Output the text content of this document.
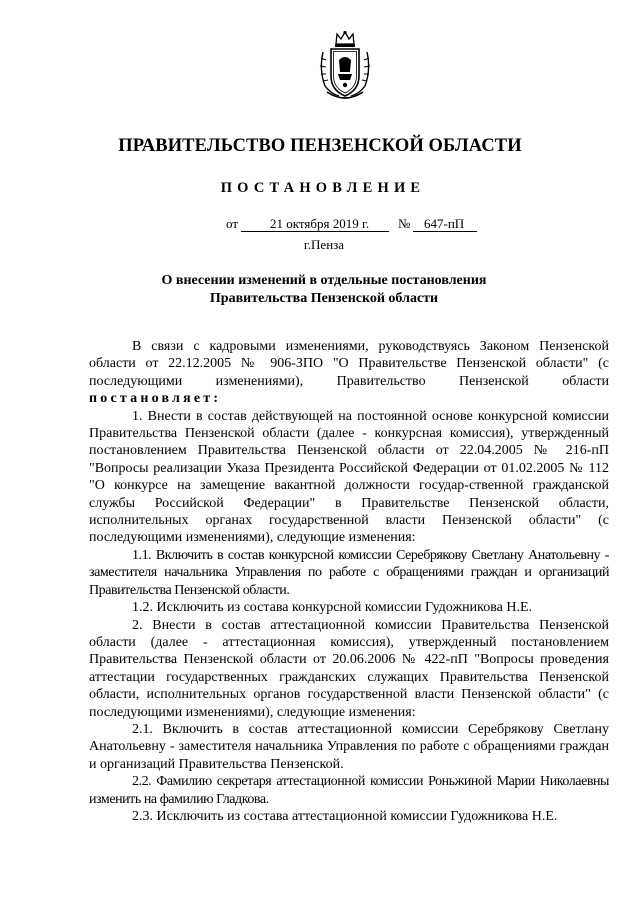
ПРАВИТЕЛЬСТВО ПЕНЗЕНСКОЙ ОБЛАСТИ
ПОСТАНОВЛЕНИЕ
от 21 октября 2019 г. № 647-пП
г.Пенза
О внесении изменений в отдельные постановления
Правительства Пензенской области

В связи с кадровыми изменениями, руководствуясь Законом Пензенской области от 22.12.2005 № 906-ЗПО "О Правительстве Пензенской области" (с последующими изменениями), Правительство Пензенской области постановляет:

1. Внести в состав действующей на постоянной основе конкурсной комиссии Правительства Пензенской области (далее - конкурсная комиссия), утвержденный постановлением Правительства Пензенской области от 22.04.2005 № 216-пП "Вопросы реализации Указа Президента Российской Федерации от 01.02.2005 № 112 "О конкурсе на замещение вакантной должности государ-ственной гражданской службы Российской Федерации" в Правительстве Пензенской области, исполнительных органах государственной власти Пензенской области" (с последующими изменениями), следующие изменения:

1.1. Включить в состав конкурсной комиссии Серебрякову Светлану Анатольевну - заместителя начальника Управления по работе с обращениями граждан и организаций Правительства Пензенской области.

1.2. Исключить из состава конкурсной комиссии Гудожникова Н.Е.

2. Внести в состав аттестационной комиссии Правительства Пензенской области (далее - аттестационная комиссия), утвержденный постановлением Правительства Пензенской области от 20.06.2006 № 422-пП "Вопросы проведения аттестации государственных гражданских служащих Правительства Пензенской области, исполнительных органов государственной власти Пензенской области" (с последующими изменениями), следующие изменения:

2.1. Включить в состав аттестационной комиссии Серебрякову Светлану Анатольевну - заместителя начальника Управления по работе с обращениями граждан и организаций Правительства Пензенской.

2.2. Фамилию секретаря аттестационной комиссии Роньжиной Марии Николаевны изменить на фамилию Гладкова.

2.3. Исключить из состава аттестационной комиссии Гудожникова Н.Е.
